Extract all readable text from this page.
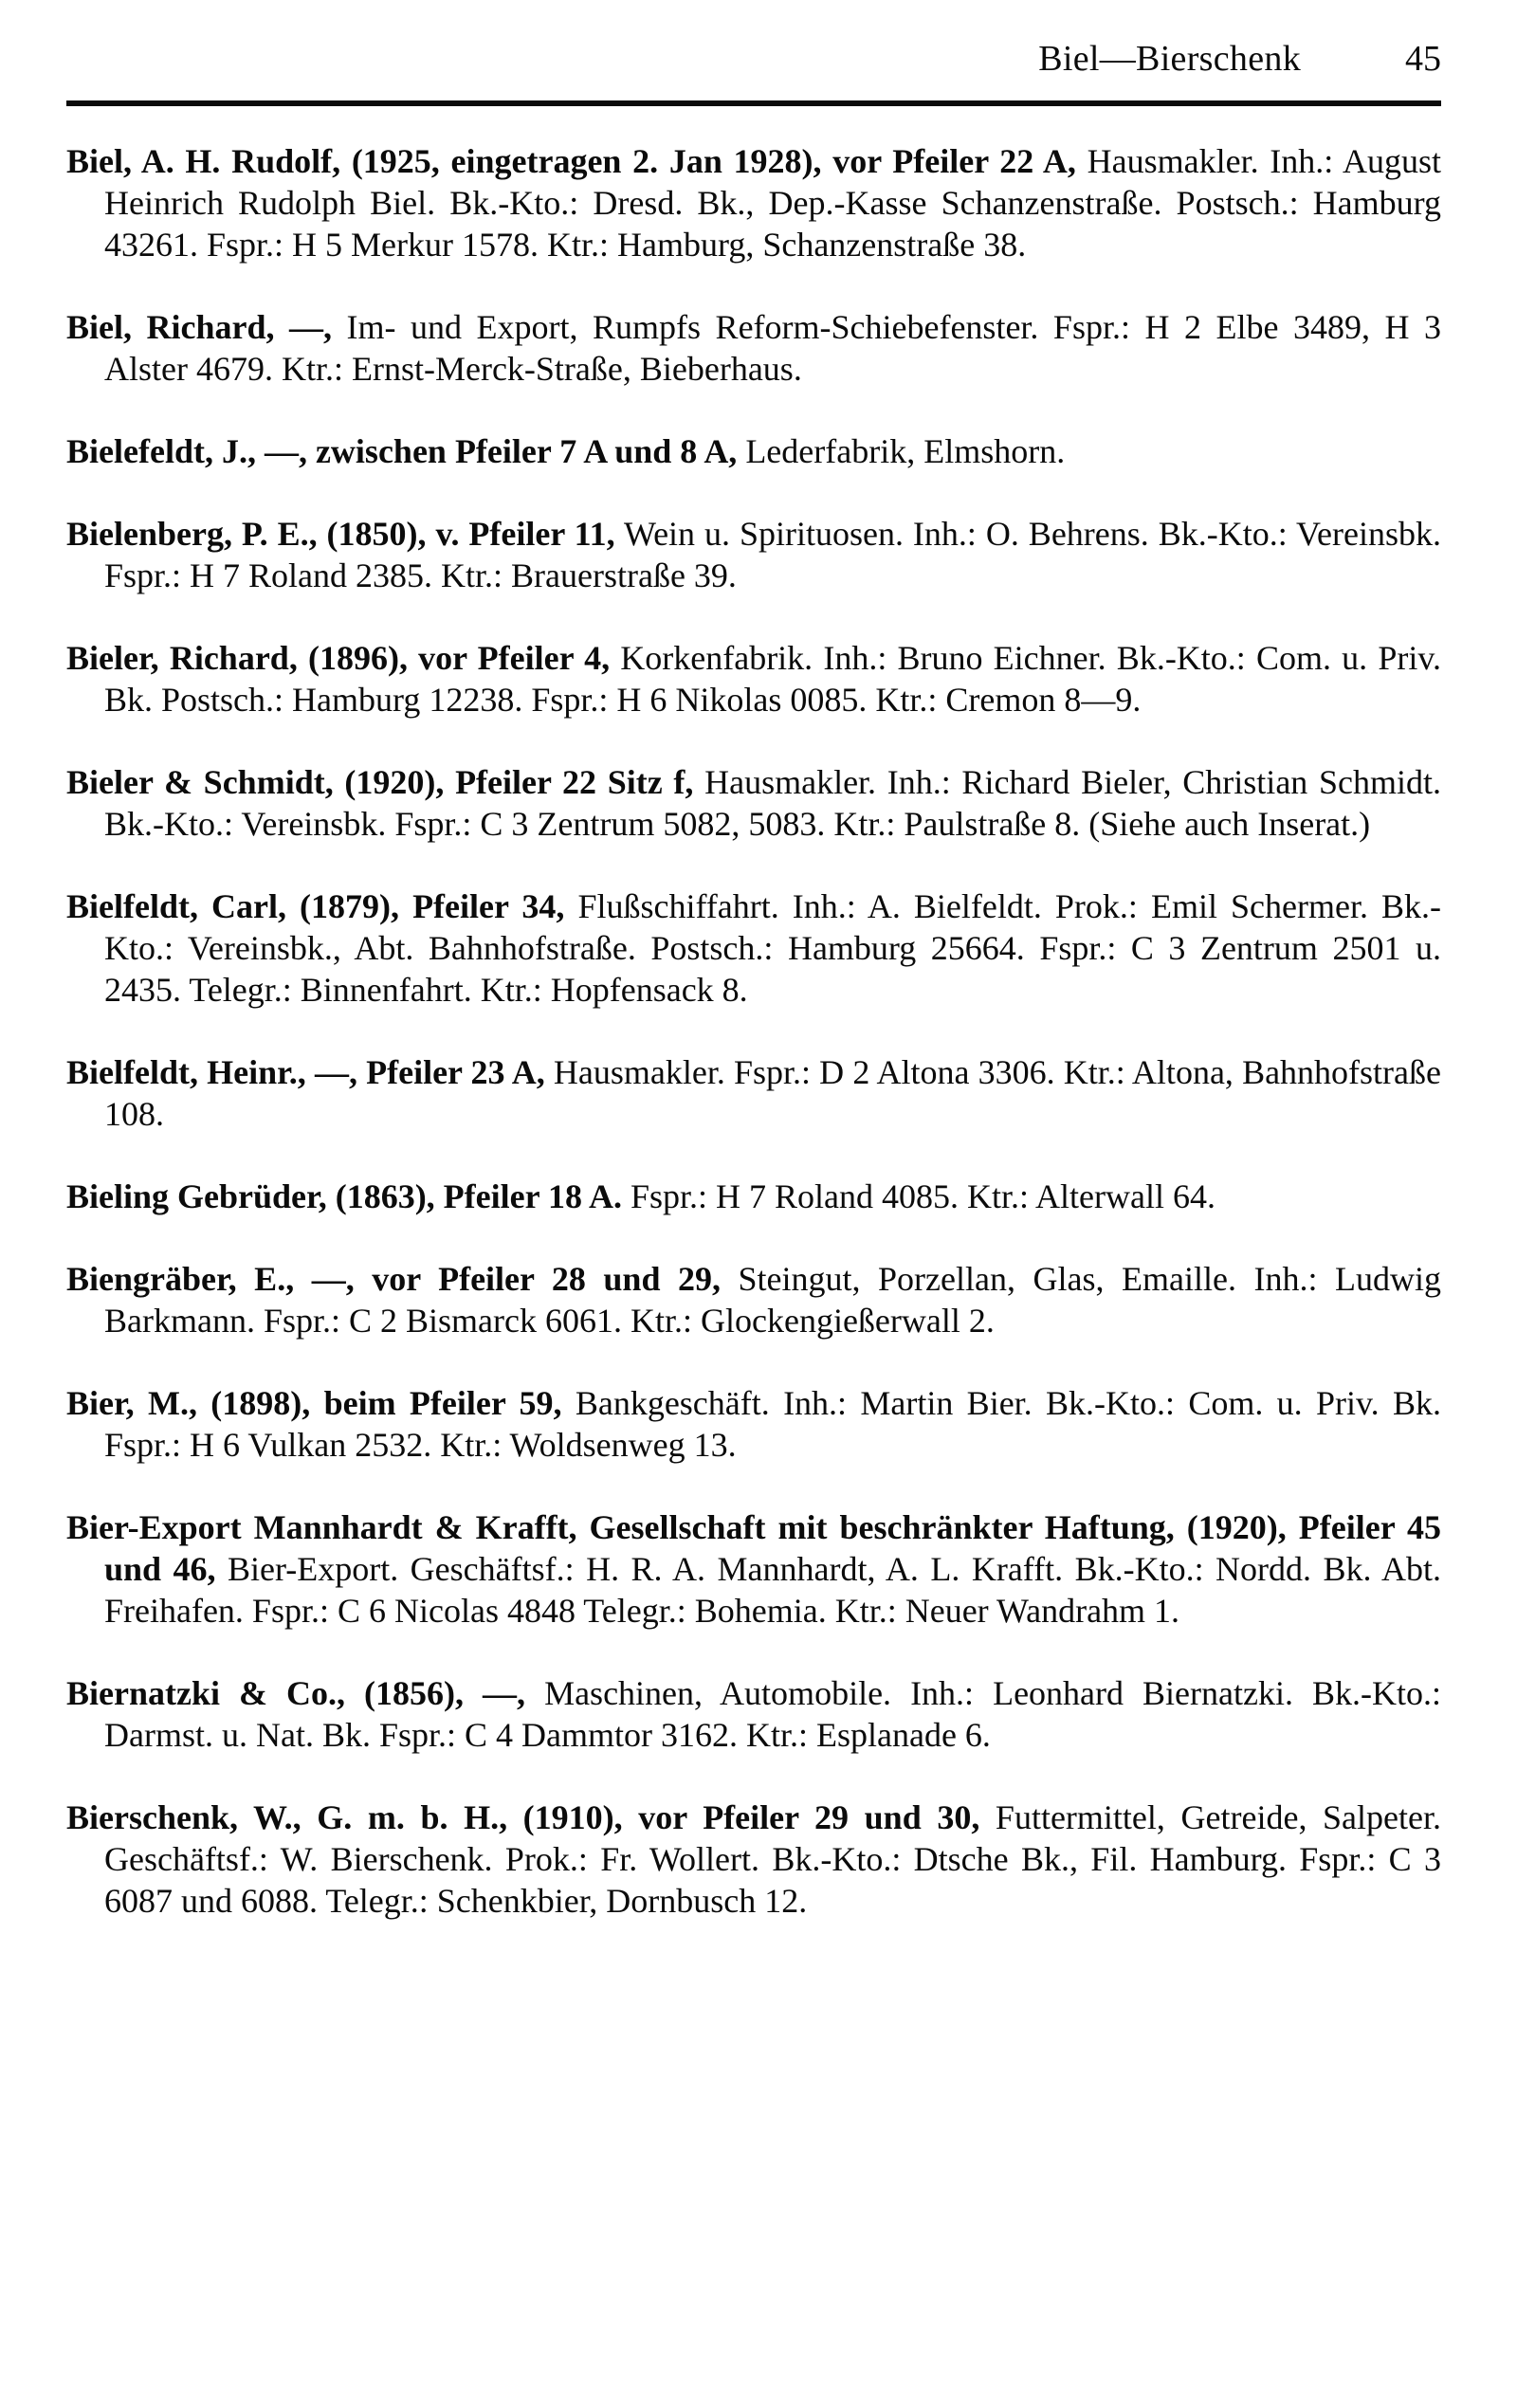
Biel—Bierschenk	45

Biel, A. H. Rudolf, (1925, eingetragen 2. Jan 1928), vor Pfeiler 22 A, Hausmakler. Inh.: August Heinrich Rudolph Biel. Bk.-Kto.: Dresd. Bk., Dep.-Kasse Schanzenstraße. Postsch.: Hamburg 43261. Fspr.: H 5 Merkur 1578. Ktr.: Hamburg, Schanzenstraße 38.

Biel, Richard, —, Im- und Export, Rumpfs Reform-Schiebefenster. Fspr.: H 2 Elbe 3489, H 3 Alster 4679. Ktr.: Ernst-Merck-Straße, Bieberhaus.

Bielefeldt, J., —, zwischen Pfeiler 7 A und 8 A, Lederfabrik, Elmshorn.

Bielenberg, P. E., (1850), v. Pfeiler 11, Wein u. Spirituosen. Inh.: O. Behrens. Bk.-Kto.: Vereinsbk. Fspr.: H 7 Roland 2385. Ktr.: Brauerstraße 39.

Bieler, Richard, (1896), vor Pfeiler 4, Korkenfabrik. Inh.: Bruno Eichner. Bk.-Kto.: Com. u. Priv. Bk. Postsch.: Hamburg 12238. Fspr.: H 6 Nikolas 0085. Ktr.: Cremon 8—9.

Bieler & Schmidt, (1920), Pfeiler 22 Sitz f, Hausmakler. Inh.: Richard Bieler, Christian Schmidt. Bk.-Kto.: Vereinsbk. Fspr.: C 3 Zentrum 5082, 5083. Ktr.: Paulstraße 8. (Siehe auch Inserat.)

Bielfeldt, Carl, (1879), Pfeiler 34, Flußschiffahrt. Inh.: A. Bielfeldt. Prok.: Emil Schermer. Bk.-Kto.: Vereinsbk., Abt. Bahnhofstraße. Postsch.: Hamburg 25664. Fspr.: C 3 Zentrum 2501 u. 2435. Telegr.: Binnenfahrt. Ktr.: Hopfensack 8.

Bielfeldt, Heinr., —, Pfeiler 23 A, Hausmakler. Fspr.: D 2 Altona 3306. Ktr.: Altona, Bahnhofstraße 108.

Bieling Gebrüder, (1863), Pfeiler 18 A. Fspr.: H 7 Roland 4085. Ktr.: Alterwall 64.

Biengräber, E., —, vor Pfeiler 28 und 29, Steingut, Porzellan, Glas, Emaille. Inh.: Ludwig Barkmann. Fspr.: C 2 Bismarck 6061. Ktr.: Glockengießerwall 2.

Bier, M., (1898), beim Pfeiler 59, Bankgeschäft. Inh.: Martin Bier. Bk.-Kto.: Com. u. Priv. Bk. Fspr.: H 6 Vulkan 2532. Ktr.: Woldsenweg 13.

Bier-Export Mannhardt & Krafft, Gesellschaft mit beschränkter Haftung, (1920), Pfeiler 45 und 46, Bier-Export. Geschäftsf.: H. R. A. Mannhardt, A. L. Krafft. Bk.-Kto.: Nordd. Bk. Abt. Freihafen. Fspr.: C 6 Nicolas 4848 Telegr.: Bohemia. Ktr.: Neuer Wandrahm 1.

Biernatzki & Co., (1856), —, Maschinen, Automobile. Inh.: Leonhard Biernatzki. Bk.-Kto.: Darmst. u. Nat. Bk. Fspr.: C 4 Dammtor 3162. Ktr.: Esplanade 6.

Bierschenk, W., G. m. b. H., (1910), vor Pfeiler 29 und 30, Futtermittel, Getreide, Salpeter. Geschäftsf.: W. Bierschenk. Prok.: Fr. Wollert. Bk.-Kto.: Dtsche Bk., Fil. Hamburg. Fspr.: C 3 6087 und 6088. Telegr.: Schenkbier, Dornbusch 12.
